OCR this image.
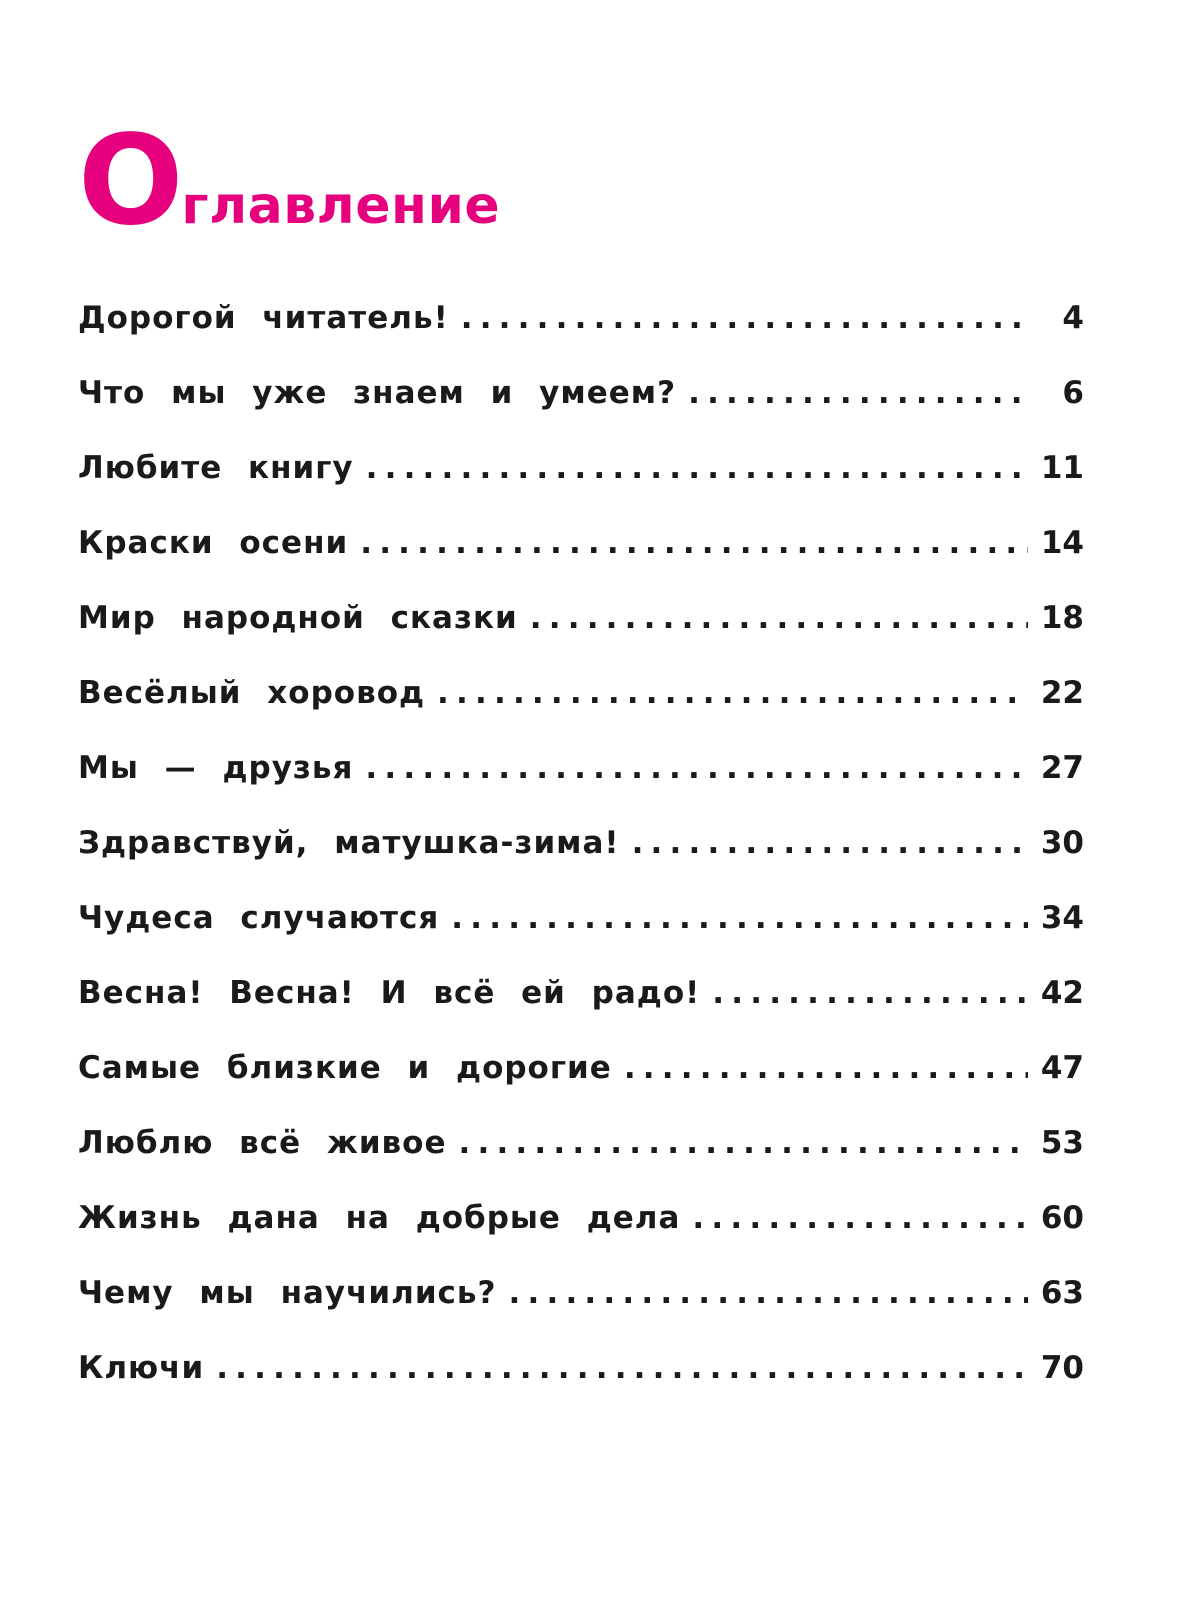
О главление
Дорогой читатель! .....	4
Что мы уже знаем и умеем? .....	6
Любите книгу .....	11
Краски осени .....	14
Мир народной сказки .....	18
Весёлый хоровод .....	22
Мы — друзья .....	27
Здравствуй, матушка-зима! .....	30
Чудеса случаются .....	34
Весна! Весна! И всё ей радо! .....	42
Самые близкие и дорогие .....	47
Люблю всё живое .....	53
Жизнь дана на добрые дела .....	60
Чему мы научились? .....	63
Ключи .....	70
